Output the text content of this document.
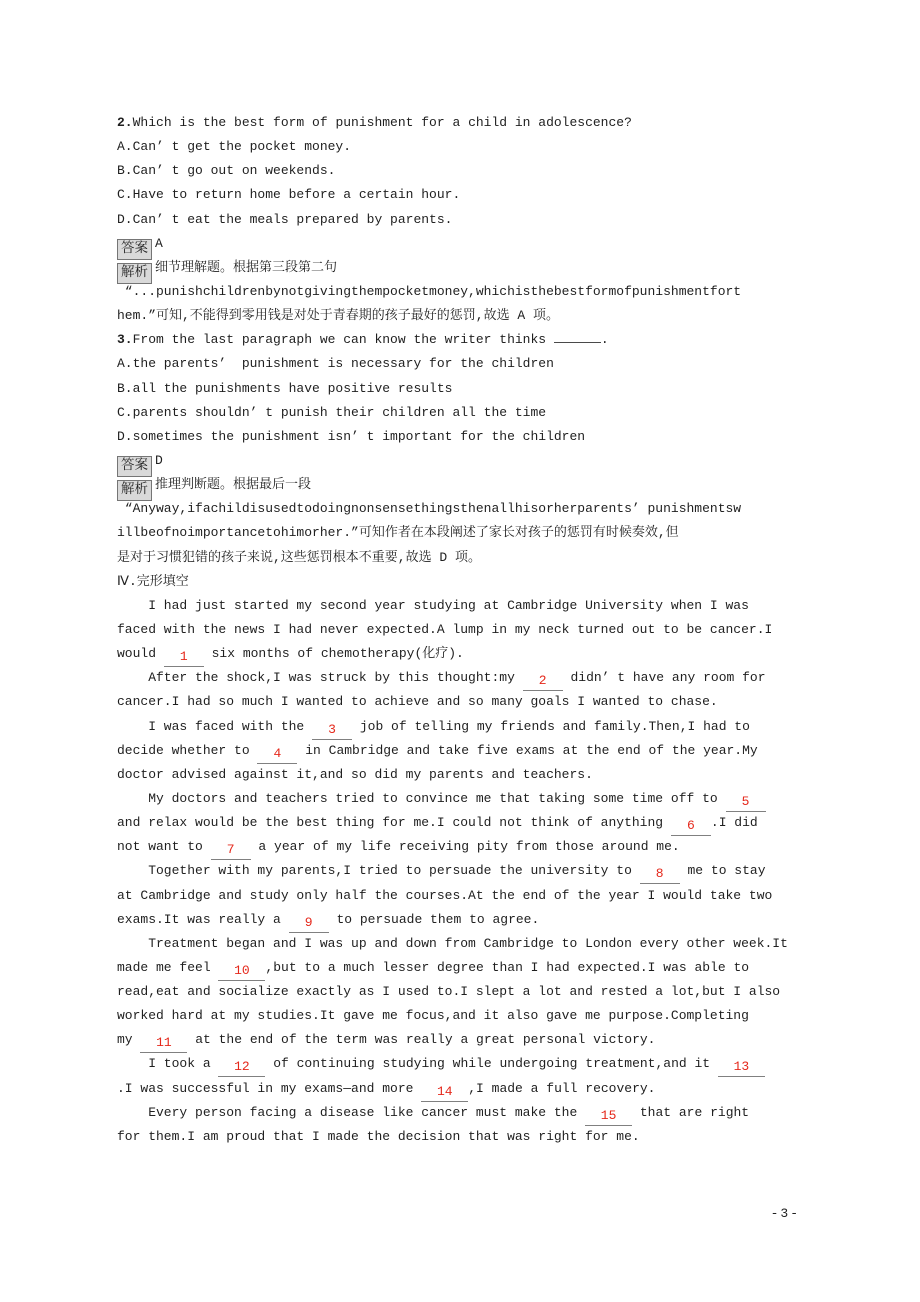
2.Which is the best form of punishment for a child in adolescence?
A.Can’ t get the pocket money.
B.Can’ t go out on weekends.
C.Have to return home before a certain hour.
D.Can’ t eat the meals prepared by parents.
答案 A
解析 细节理解题。根据第三段第二句
“...punishchildrenbynotgivingthempocketmoney,whichisthebestformofpunishmentfort
hem.”可知,不能得到零用钱是对处于青春期的孩子最好的惩罚,故选 A 项。
3.From the last paragraph we can know the writer thinks	.
A.the parents’  punishment is necessary for the children
B.all the punishments have positive results
C.parents shouldn’ t punish their children all the time
D.sometimes the punishment isn’ t important for the children
答案 D
解析 推理判断题。根据最后一段
“Anyway,ifachildisusedtodoingnonsensethingsthenallhisorherparents’ punishmentsw
illbeofnoimportancetohimorher.”可知作者在本段阐述了家长对孩子的惩罚有时候奏效,但
是对于习惯犯错的孩子来说,这些惩罚根本不重要,故选 D 项。
Ⅳ.完形填空
I had just started my second year studying at Cambridge University when I was
faced with the news I had never expected.A lump in my neck turned out to be cancer.I
would 1 six months of chemotherapy(化疗).
After the shock,I was struck by this thought:my 2 didn’ t have any room for
cancer.I had so much I wanted to achieve and so many goals I wanted to chase.
I was faced with the 3 job of telling my friends and family.Then,I had to
decide whether to 4 in Cambridge and take five exams at the end of the year.My
doctor advised against it,and so did my parents and teachers.
My doctors and teachers tried to convince me that taking some time off to 5
and relax would be the best thing for me.I could not think of anything 6 .I did
not want to 7 a year of my life receiving pity from those around me.
Together with my parents,I tried to persuade the university to 8 me to stay
at Cambridge and study only half the courses.At the end of the year I would take two
exams.It was really a 9 to persuade them to agree.
Treatment began and I was up and down from Cambridge to London every other week.It
made me feel 10 ,but to a much lesser degree than I had expected.I was able to
read,eat and socialize exactly as I used to.I slept a lot and rested a lot,but I also
worked hard at my studies.It gave me focus,and it also gave me purpose.Completing
my 11 at the end of the term was really a great personal victory.
I took a 12 of continuing studying while undergoing treatment,and it 13
.I was successful in my exams—and more 14 ,I made a full recovery.
Every person facing a disease like cancer must make the 15 that are right
for them.I am proud that I made the decision that was right for me.
-3-
